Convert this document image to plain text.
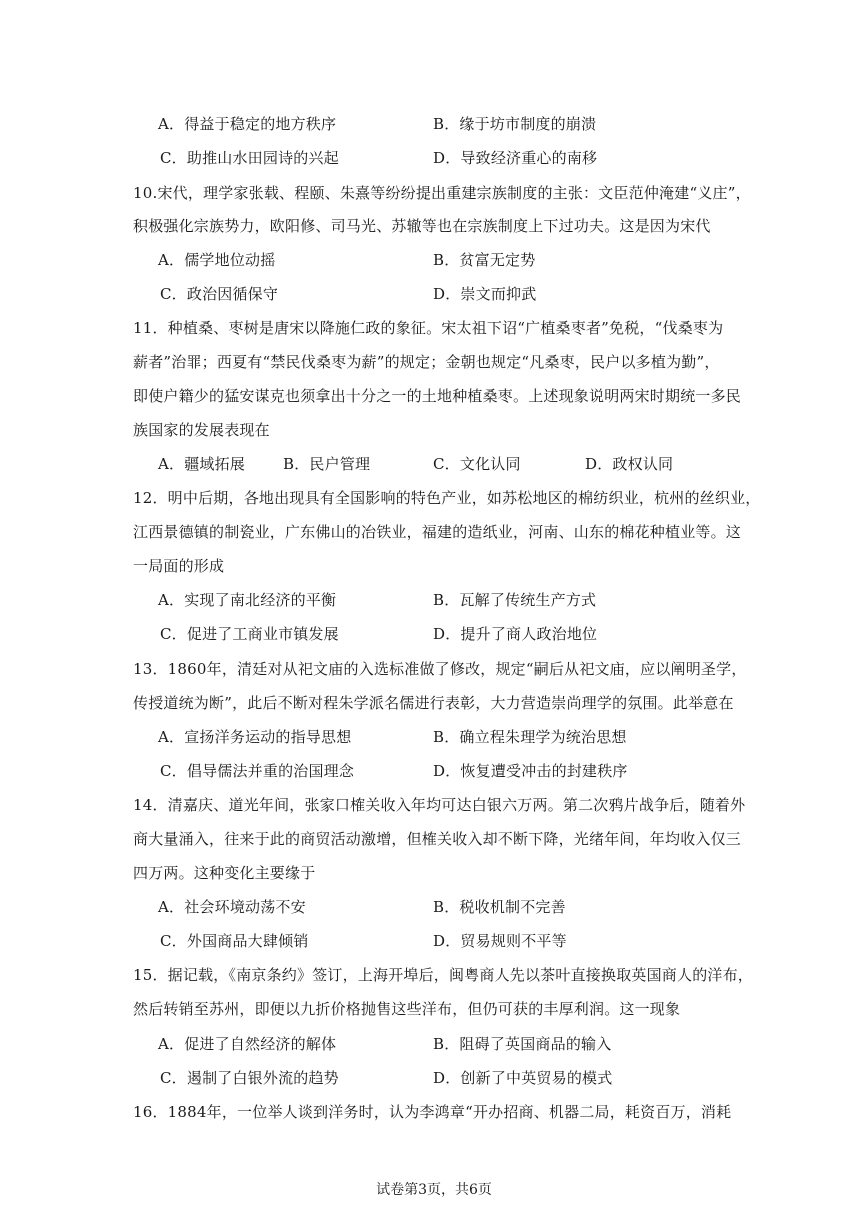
A．得益于稳定的地方秩序	B．缘于坊市制度的崩溃
C．助推山水田园诗的兴起	D．导致经济重心的南移
10.宋代，理学家张载、程颐、朱熹等纷纷提出重建宗族制度的主张：文臣范仲淹建“义庄”，
积极强化宗族势力，欧阳修、司马光、苏辙等也在宗族制度上下过功夫。这是因为宋代
A．儒学地位动摇	B．贫富无定势
C．政治因循保守	D．崇文而抑武
11．种植桑、枣树是唐宋以降施仁政的象征。宋太祖下诏“广植桑枣者”免税，“伐桑枣为
薪者”治罪；西夏有“禁民伐桑枣为薪”的规定；金朝也规定“凡桑枣，民户以多植为勤”，
即使户籍少的猛安谋克也须拿出十分之一的土地种植桑枣。上述现象说明两宋时期统一多民
族国家的发展表现在
A．疆域拓展	B．民户管理	C．文化认同	D．政权认同
12．明中后期，各地出现具有全国影响的特色产业，如苏松地区的棉纺织业，杭州的丝织业，
江西景德镇的制瓷业，广东佛山的冶铁业，福建的造纸业，河南、山东的棉花种植业等。这
一局面的形成
A．实现了南北经济的平衡	B．瓦解了传统生产方式
C．促进了工商业市镇发展	D．提升了商人政治地位
13．1860年，清廷对从祀文庙的入选标准做了修改，规定“嗣后从祀文庙，应以阐明圣学，
传授道统为断”，此后不断对程朱学派名儒进行表彰，大力营造崇尚理学的氛围。此举意在
A．宣扬洋务运动的指导思想	B．确立程朱理学为统治思想
C．倡导儒法并重的治国理念	D．恢复遭受冲击的封建秩序
14．清嘉庆、道光年间，张家口榷关收入年均可达白银六万两。第二次鸦片战争后，随着外
商大量涌入，往来于此的商贸活动激增，但榷关收入却不断下降，光绪年间，年均收入仅三
四万两。这种变化主要缘于
A．社会环境动荡不安	B．税收机制不完善
C．外国商品大肆倾销	D．贸易规则不平等
15．据记载，《南京条约》签订，上海开埠后，闽粤商人先以茶叶直接换取英国商人的洋布，
然后转销至苏州，即便以九折价格抛售这些洋布，但仍可获的丰厚利润。这一现象
A．促进了自然经济的解体	B．阻碍了英国商品的输入
C．遏制了白银外流的趋势	D．创新了中英贸易的模式
16．1884年，一位举人谈到洋务时，认为李鸿章“开办招商、机器二局，耗资百万，消耗
试卷第3页，共6页
